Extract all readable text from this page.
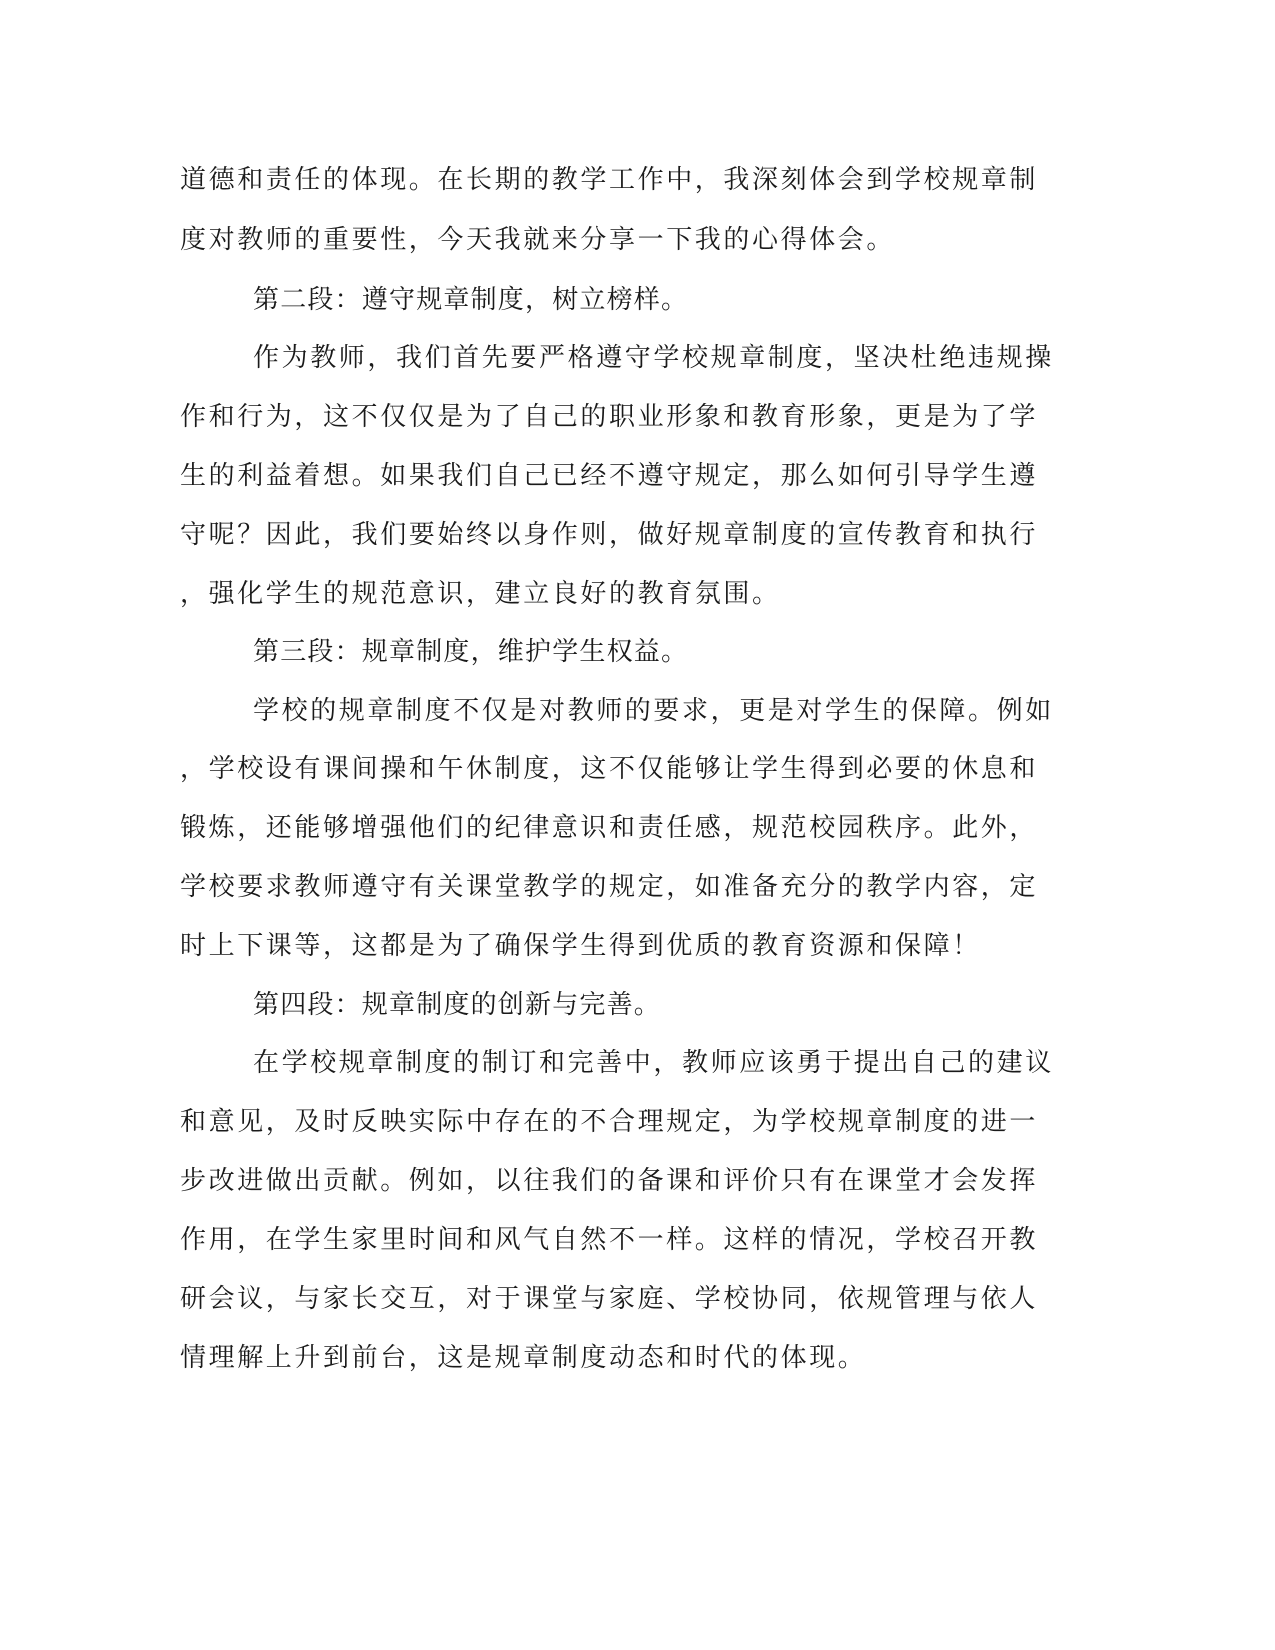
道德和责任的体现。在长期的教学工作中，我深刻体会到学校规章制
度对教师的重要性，今天我就来分享一下我的心得体会。
第二段：遵守规章制度，树立榜样。
作为教师，我们首先要严格遵守学校规章制度，坚决杜绝违规操
作和行为，这不仅仅是为了自己的职业形象和教育形象，更是为了学
生的利益着想。如果我们自己已经不遵守规定，那么如何引导学生遵
守呢？因此，我们要始终以身作则，做好规章制度的宣传教育和执行
，强化学生的规范意识，建立良好的教育氛围。
第三段：规章制度，维护学生权益。
学校的规章制度不仅是对教师的要求，更是对学生的保障。例如
，学校设有课间操和午休制度，这不仅能够让学生得到必要的休息和
锻炼，还能够增强他们的纪律意识和责任感，规范校园秩序。此外，
学校要求教师遵守有关课堂教学的规定，如准备充分的教学内容，定
时上下课等，这都是为了确保学生得到优质的教育资源和保障！
第四段：规章制度的创新与完善。
在学校规章制度的制订和完善中，教师应该勇于提出自己的建议
和意见，及时反映实际中存在的不合理规定，为学校规章制度的进一
步改进做出贡献。例如，以往我们的备课和评价只有在课堂才会发挥
作用，在学生家里时间和风气自然不一样。这样的情况，学校召开教
研会议，与家长交互，对于课堂与家庭、学校协同，依规管理与依人
情理解上升到前台，这是规章制度动态和时代的体现。
